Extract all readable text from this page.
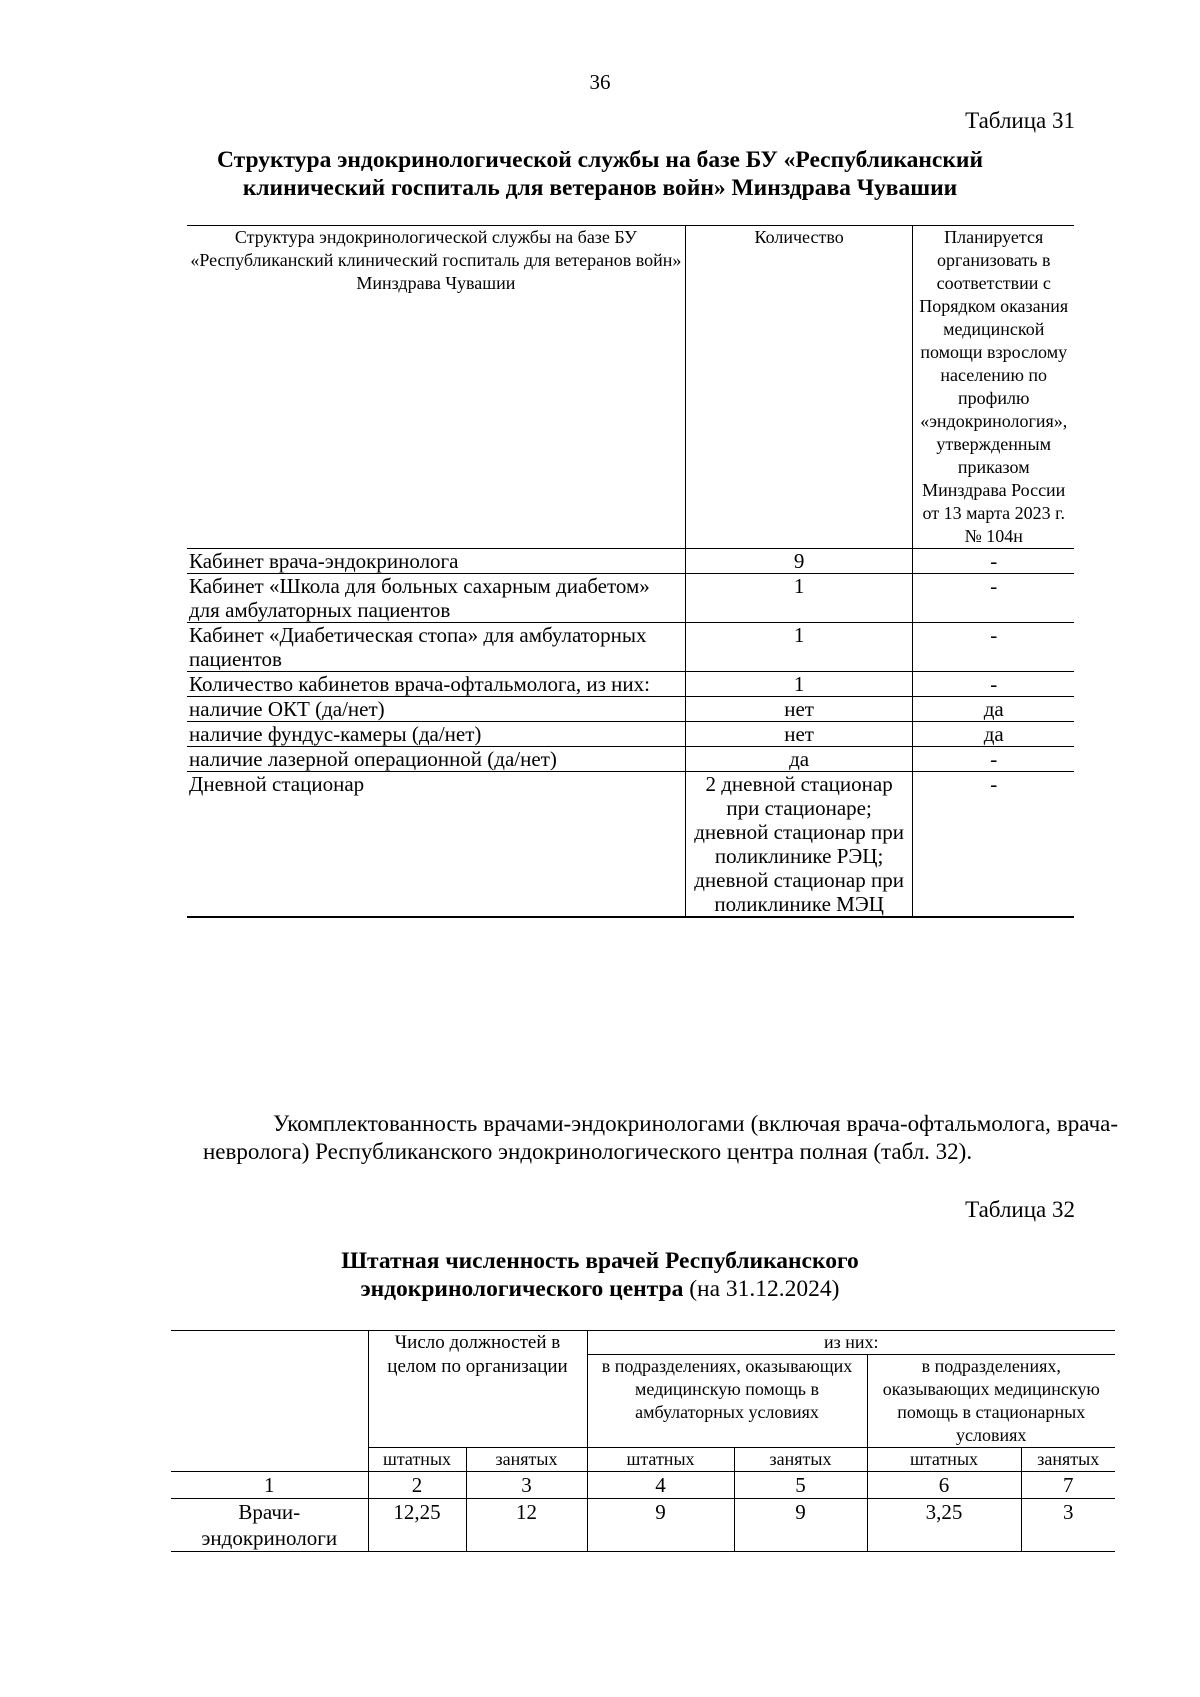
36
Таблица 31
Структура эндокринологической службы на базе БУ «Республиканский
клинический госпиталь для ветеранов войн» Минздрава Чувашии
Структура эндокринологической службы на базе БУ «Республиканский клинический госпиталь для ветеранов войн» Минздрава Чувашии	Количество	Планируется организовать в соответствии с Порядком оказания медицинской помощи взрослому населению по профилю «эндокринология», утвержденным приказом Минздрава России от 13 марта 2023 г. № 104н
Кабинет врача-эндокринолога	9	-
Кабинет «Школа для больных сахарным диабетом» для амбулаторных пациентов	1	-
Кабинет «Диабетическая стопа» для амбулаторных пациентов	1	-
Количество кабинетов врача-офтальмолога, из них:	1	-
наличие ОКТ (да/нет)	нет	да
наличие фундус-камеры (да/нет)	нет	да
наличие лазерной операционной (да/нет)	да	-
Дневной стационар	2 дневной стационар при стационаре; дневной стационар при поликлинике РЭЦ; дневной стационар при поликлинике МЭЦ	-
Укомплектованность врачами-эндокринологами (включая врача-офтальмолога, врача-невролога) Республиканского эндокринологического центра полная (табл. 32).
Таблица 32
Штатная численность врачей Республиканского
эндокринологического центра (на 31.12.2024)
	Число должностей в целом по организации		из них:			
			в подразделениях, оказывающих медицинскую помощь в амбулаторных условиях		в подразделениях, оказывающих медицинскую помощь в стационарных условиях	
	штатных	занятых	штатных	занятых	штатных	занятых
1	2	3	4	5	6	7
Врачи-эндокринологи	12,25	12	9	9	3,25	3
